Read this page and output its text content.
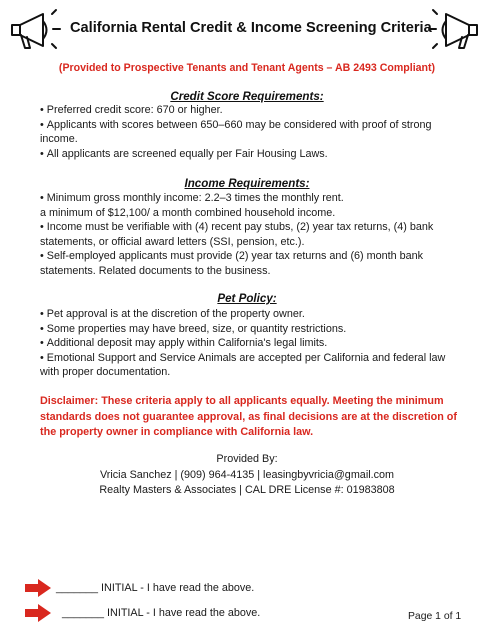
California Rental Credit & Income Screening Criteria
(Provided to Prospective Tenants and Tenant Agents – AB 2493 Compliant)
Credit Score Requirements:
• Preferred credit score: 670 or higher.
• Applicants with scores between 650–660 may be considered with proof of strong income.
• All applicants are screened equally per Fair Housing Laws.
Income Requirements:
• Minimum gross monthly income: 2.2–3 times the monthly rent.
a minimum of $12,100/ a month combined household income.
• Income must be verifiable with (4) recent pay stubs, (2) year tax returns, (4) bank statements, or official award letters (SSI, pension, etc.).
• Self-employed applicants must provide (2) year tax returns and (6) month bank statements. Related documents to the business.
Pet Policy:
• Pet approval is at the discretion of the property owner.
• Some properties may have breed, size, or quantity restrictions.
• Additional deposit may apply within California's legal limits.
• Emotional Support and Service Animals are accepted per California and federal law with proper documentation.
Disclaimer: These criteria apply to all applicants equally. Meeting the minimum standards does not guarantee approval, as final decisions are at the discretion of the property owner in compliance with California law.
Provided By:
Vricia Sanchez | (909) 964-4135 | leasingbyvricia@gmail.com
Realty Masters & Associates | CAL DRE License #: 01983808
_______ INITIAL - I have read the above.
_______ INITIAL - I have read the above.	Page 1 of 1
